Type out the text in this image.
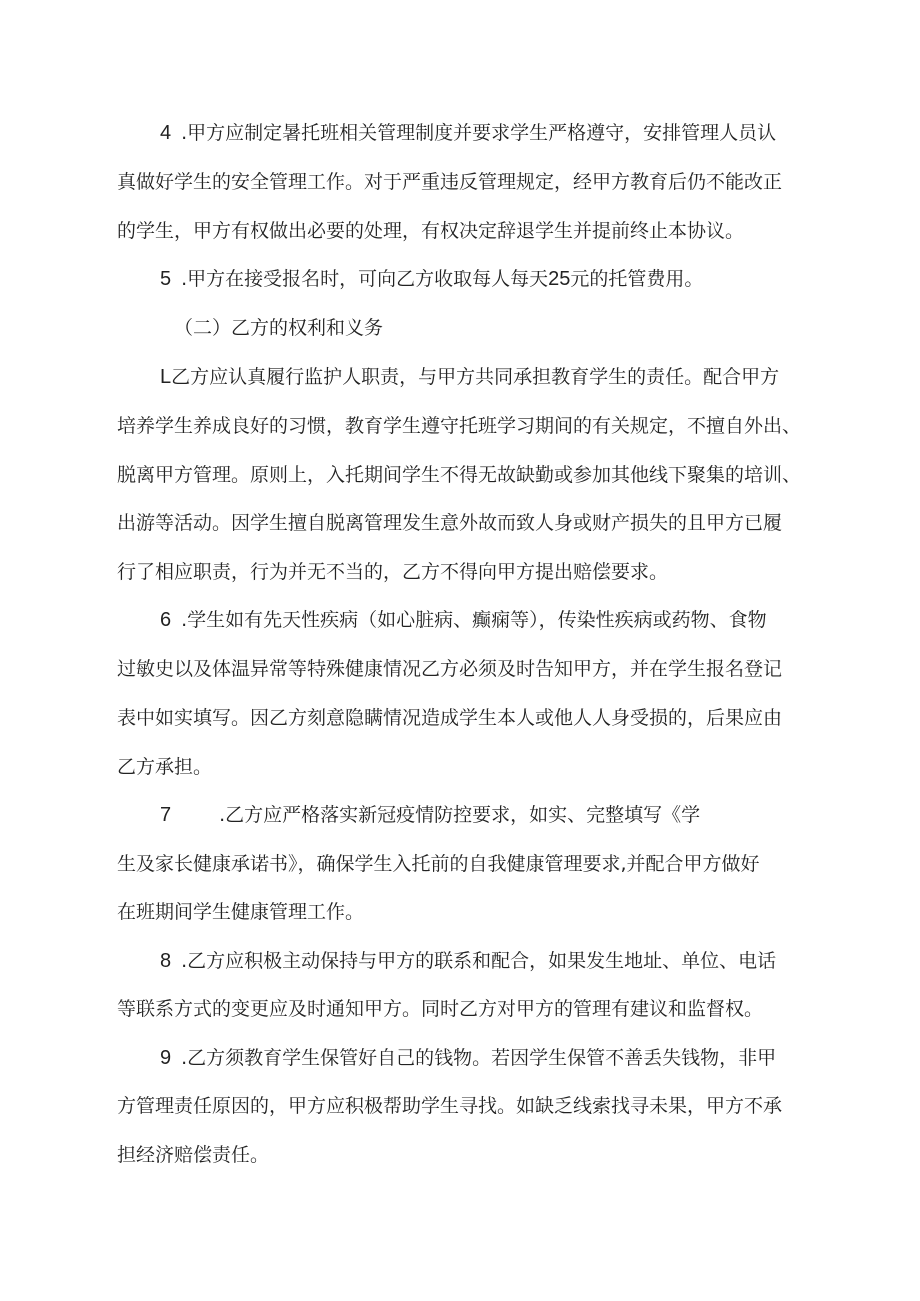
4 .甲方应制定暑托班相关管理制度并要求学生严格遵守，安排管理人员认
真做好学生的安全管理工作。对于严重违反管理规定，经甲方教育后仍不能改正
的学生，甲方有权做出必要的处理，有权决定辞退学生并提前终止本协议。
5 .甲方在接受报名时，可向乙方收取每人每天25元的托管费用。
（二）乙方的权利和义务
L乙方应认真履行监护人职责，与甲方共同承担教育学生的责任。配合甲方
培养学生养成良好的习惯，教育学生遵守托班学习期间的有关规定，不擅自外出、
脱离甲方管理。原则上，入托期间学生不得无故缺勤或参加其他线下聚集的培训、
出游等活动。因学生擅自脱离管理发生意外故而致人身或财产损失的且甲方已履
行了相应职责，行为并无不当的，乙方不得向甲方提出赔偿要求。
6 .学生如有先天性疾病（如心脏病、癫痫等），传染性疾病或药物、食物
过敏史以及体温异常等特殊健康情况乙方必须及时告知甲方，并在学生报名登记
表中如实填写。因乙方刻意隐瞒情况造成学生本人或他人人身受损的，后果应由
乙方承担。
7	.乙方应严格落实新冠疫情防控要求，如实、完整填写《学
生及家长健康承诺书》，确保学生入托前的自我健康管理要求,并配合甲方做好
在班期间学生健康管理工作。
8 .乙方应积极主动保持与甲方的联系和配合，如果发生地址、单位、电话
等联系方式的变更应及时通知甲方。同时乙方对甲方的管理有建议和监督权。
9 .乙方须教育学生保管好自己的钱物。若因学生保管不善丢失钱物，非甲
方管理责任原因的，甲方应积极帮助学生寻找。如缺乏线索找寻未果，甲方不承
担经济赔偿责任。
